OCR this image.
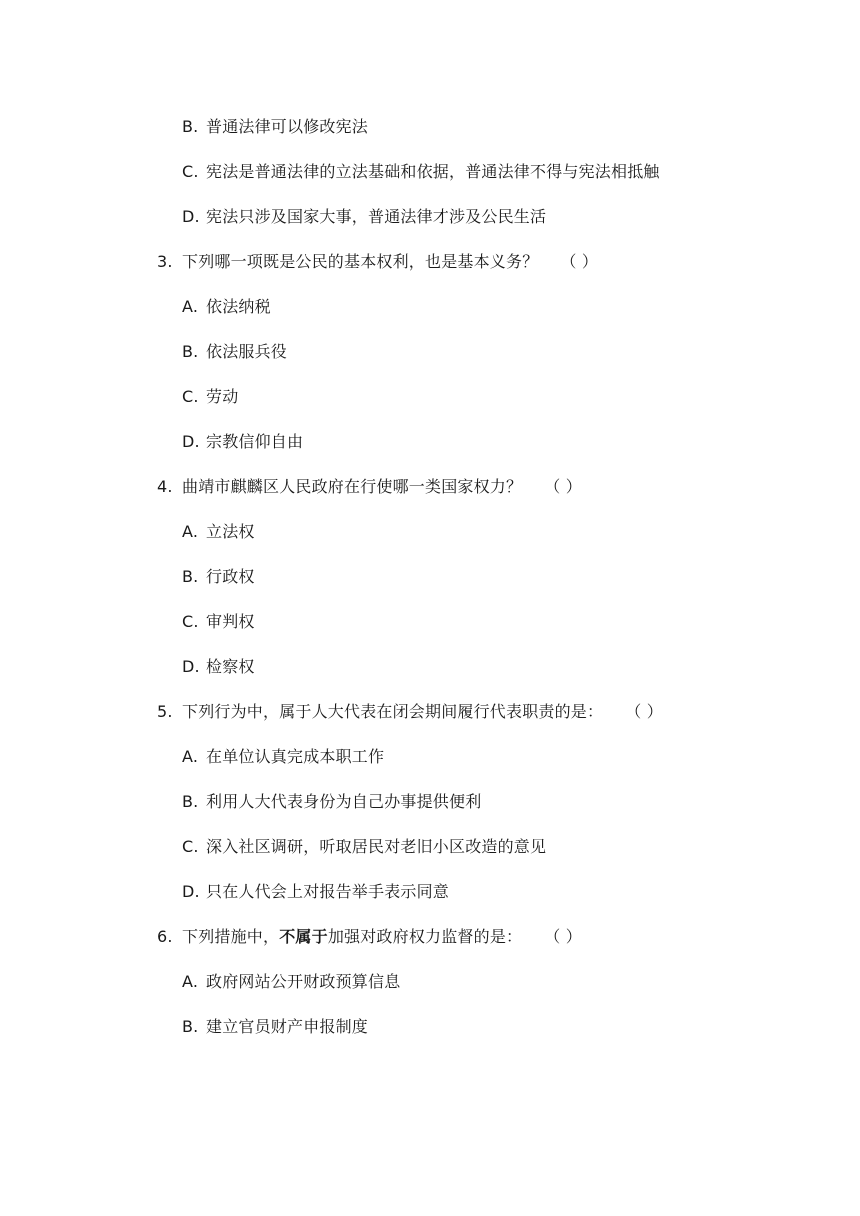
B. 普通法律可以修改宪法
C. 宪法是普通法律的立法基础和依据，普通法律不得与宪法相抵触
D. 宪法只涉及国家大事，普通法律才涉及公民生活
3. 下列哪一项既是公民的基本权利，也是基本义务？ （ ）
A. 依法纳税
B. 依法服兵役
C. 劳动
D. 宗教信仰自由
4. 曲靖市麒麟区人民政府在行使哪一类国家权力？ （ ）
A. 立法权
B. 行政权
C. 审判权
D. 检察权
5. 下列行为中，属于人大代表在闭会期间履行代表职责的是： （ ）
A. 在单位认真完成本职工作
B. 利用人大代表身份为自己办事提供便利
C. 深入社区调研，听取居民对老旧小区改造的意见
D. 只在人代会上对报告举手表示同意
6. 下列措施中，不属于加强对政府权力监督的是： （ ）
A. 政府网站公开财政预算信息
B. 建立官员财产申报制度
